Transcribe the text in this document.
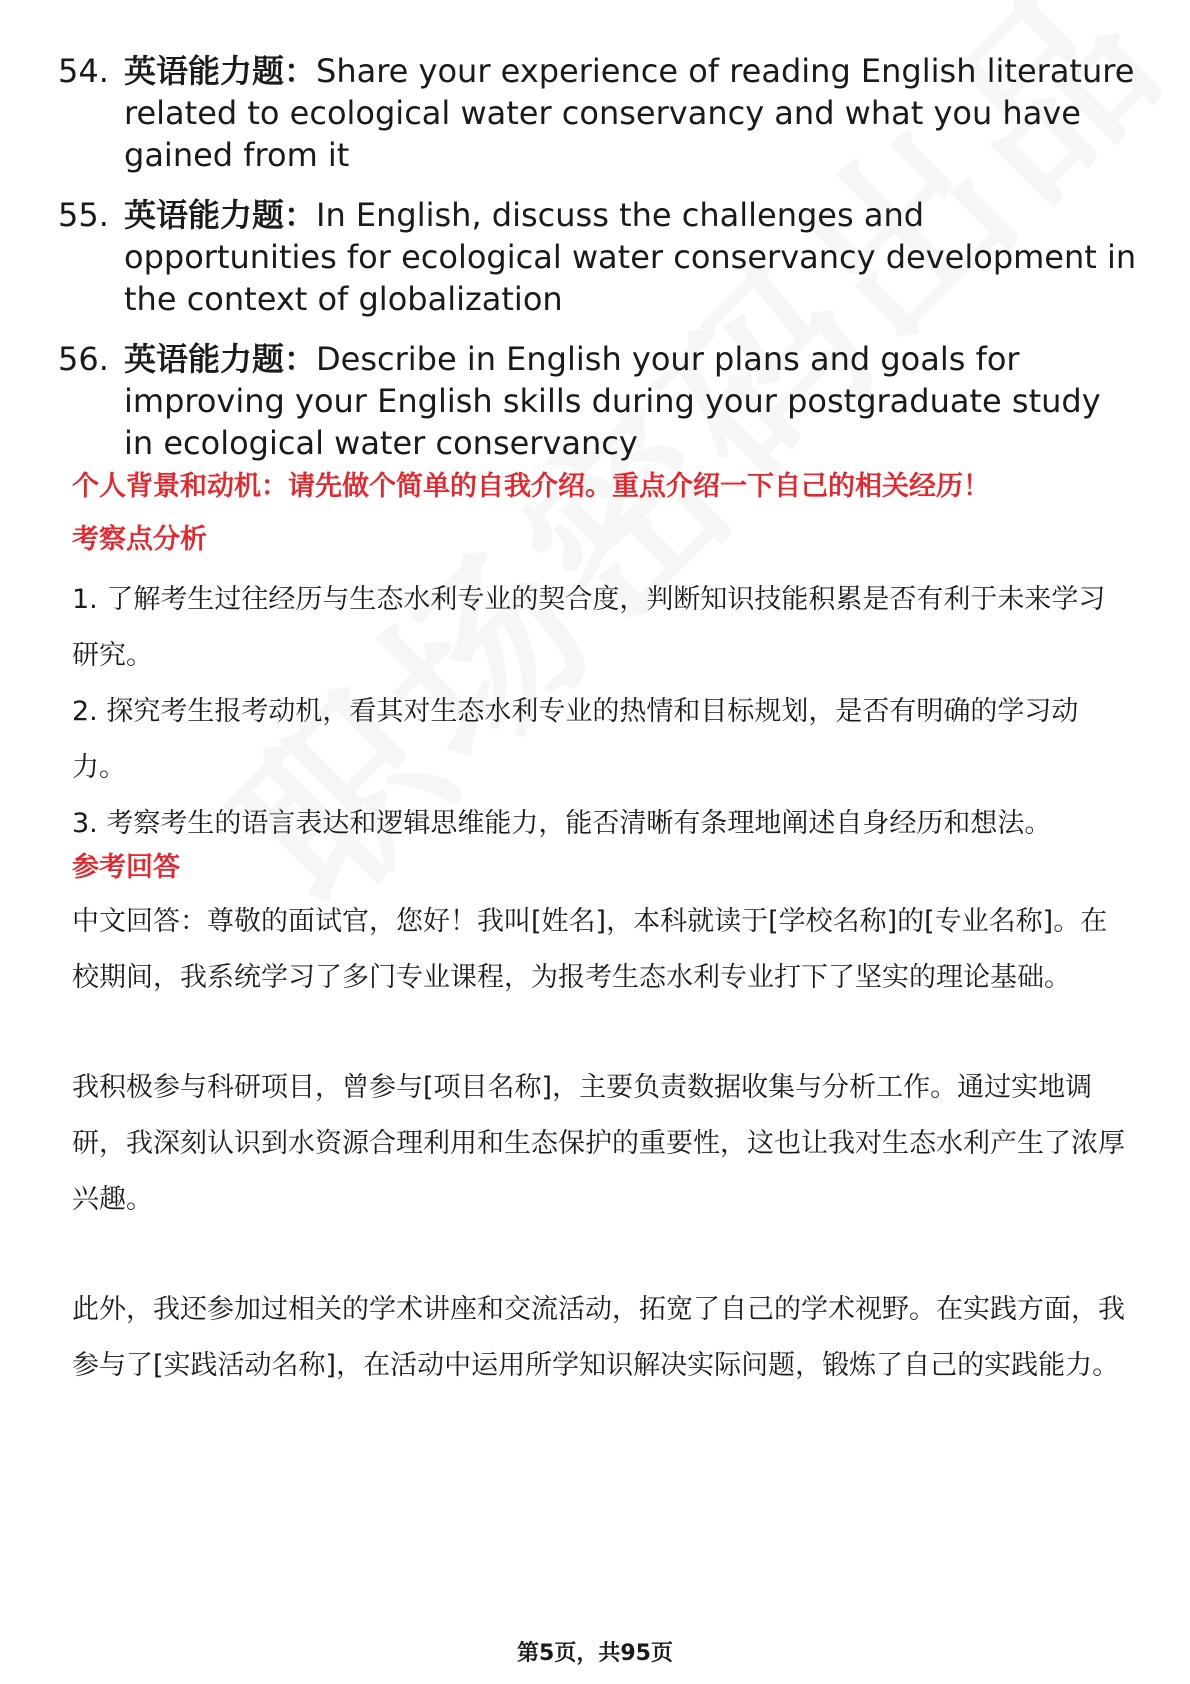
54. 英语能力题：Share your experience of reading English literature related to ecological water conservancy and what you have gained from it
55. 英语能力题：In English, discuss the challenges and opportunities for ecological water conservancy development in the context of globalization
56. 英语能力题：Describe in English your plans and goals for improving your English skills during your postgraduate study in ecological water conservancy
个人背景和动机：请先做个简单的自我介绍。重点介绍一下自己的相关经历！
考察点分析
1. 了解考生过往经历与生态水利专业的契合度，判断知识技能积累是否有利于未来学习研究。
2. 探究考生报考动机，看其对生态水利专业的热情和目标规划，是否有明确的学习动力。
3. 考察考生的语言表达和逻辑思维能力，能否清晰有条理地阐述自身经历和想法。
参考回答
中文回答：尊敬的面试官，您好！我叫[姓名]，本科就读于[学校名称]的[专业名称]。在校期间，我系统学习了多门专业课程，为报考生态水利专业打下了坚实的理论基础。
我积极参与科研项目，曾参与[项目名称]，主要负责数据收集与分析工作。通过实地调研，我深刻认识到水资源合理利用和生态保护的重要性，这也让我对生态水利产生了浓厚兴趣。
此外，我还参加过相关的学术讲座和交流活动，拓宽了自己的学术视野。在实践方面，我参与了[实践活动名称]，在活动中运用所学知识解决实际问题，锻炼了自己的实践能力。
第5页，共95页
